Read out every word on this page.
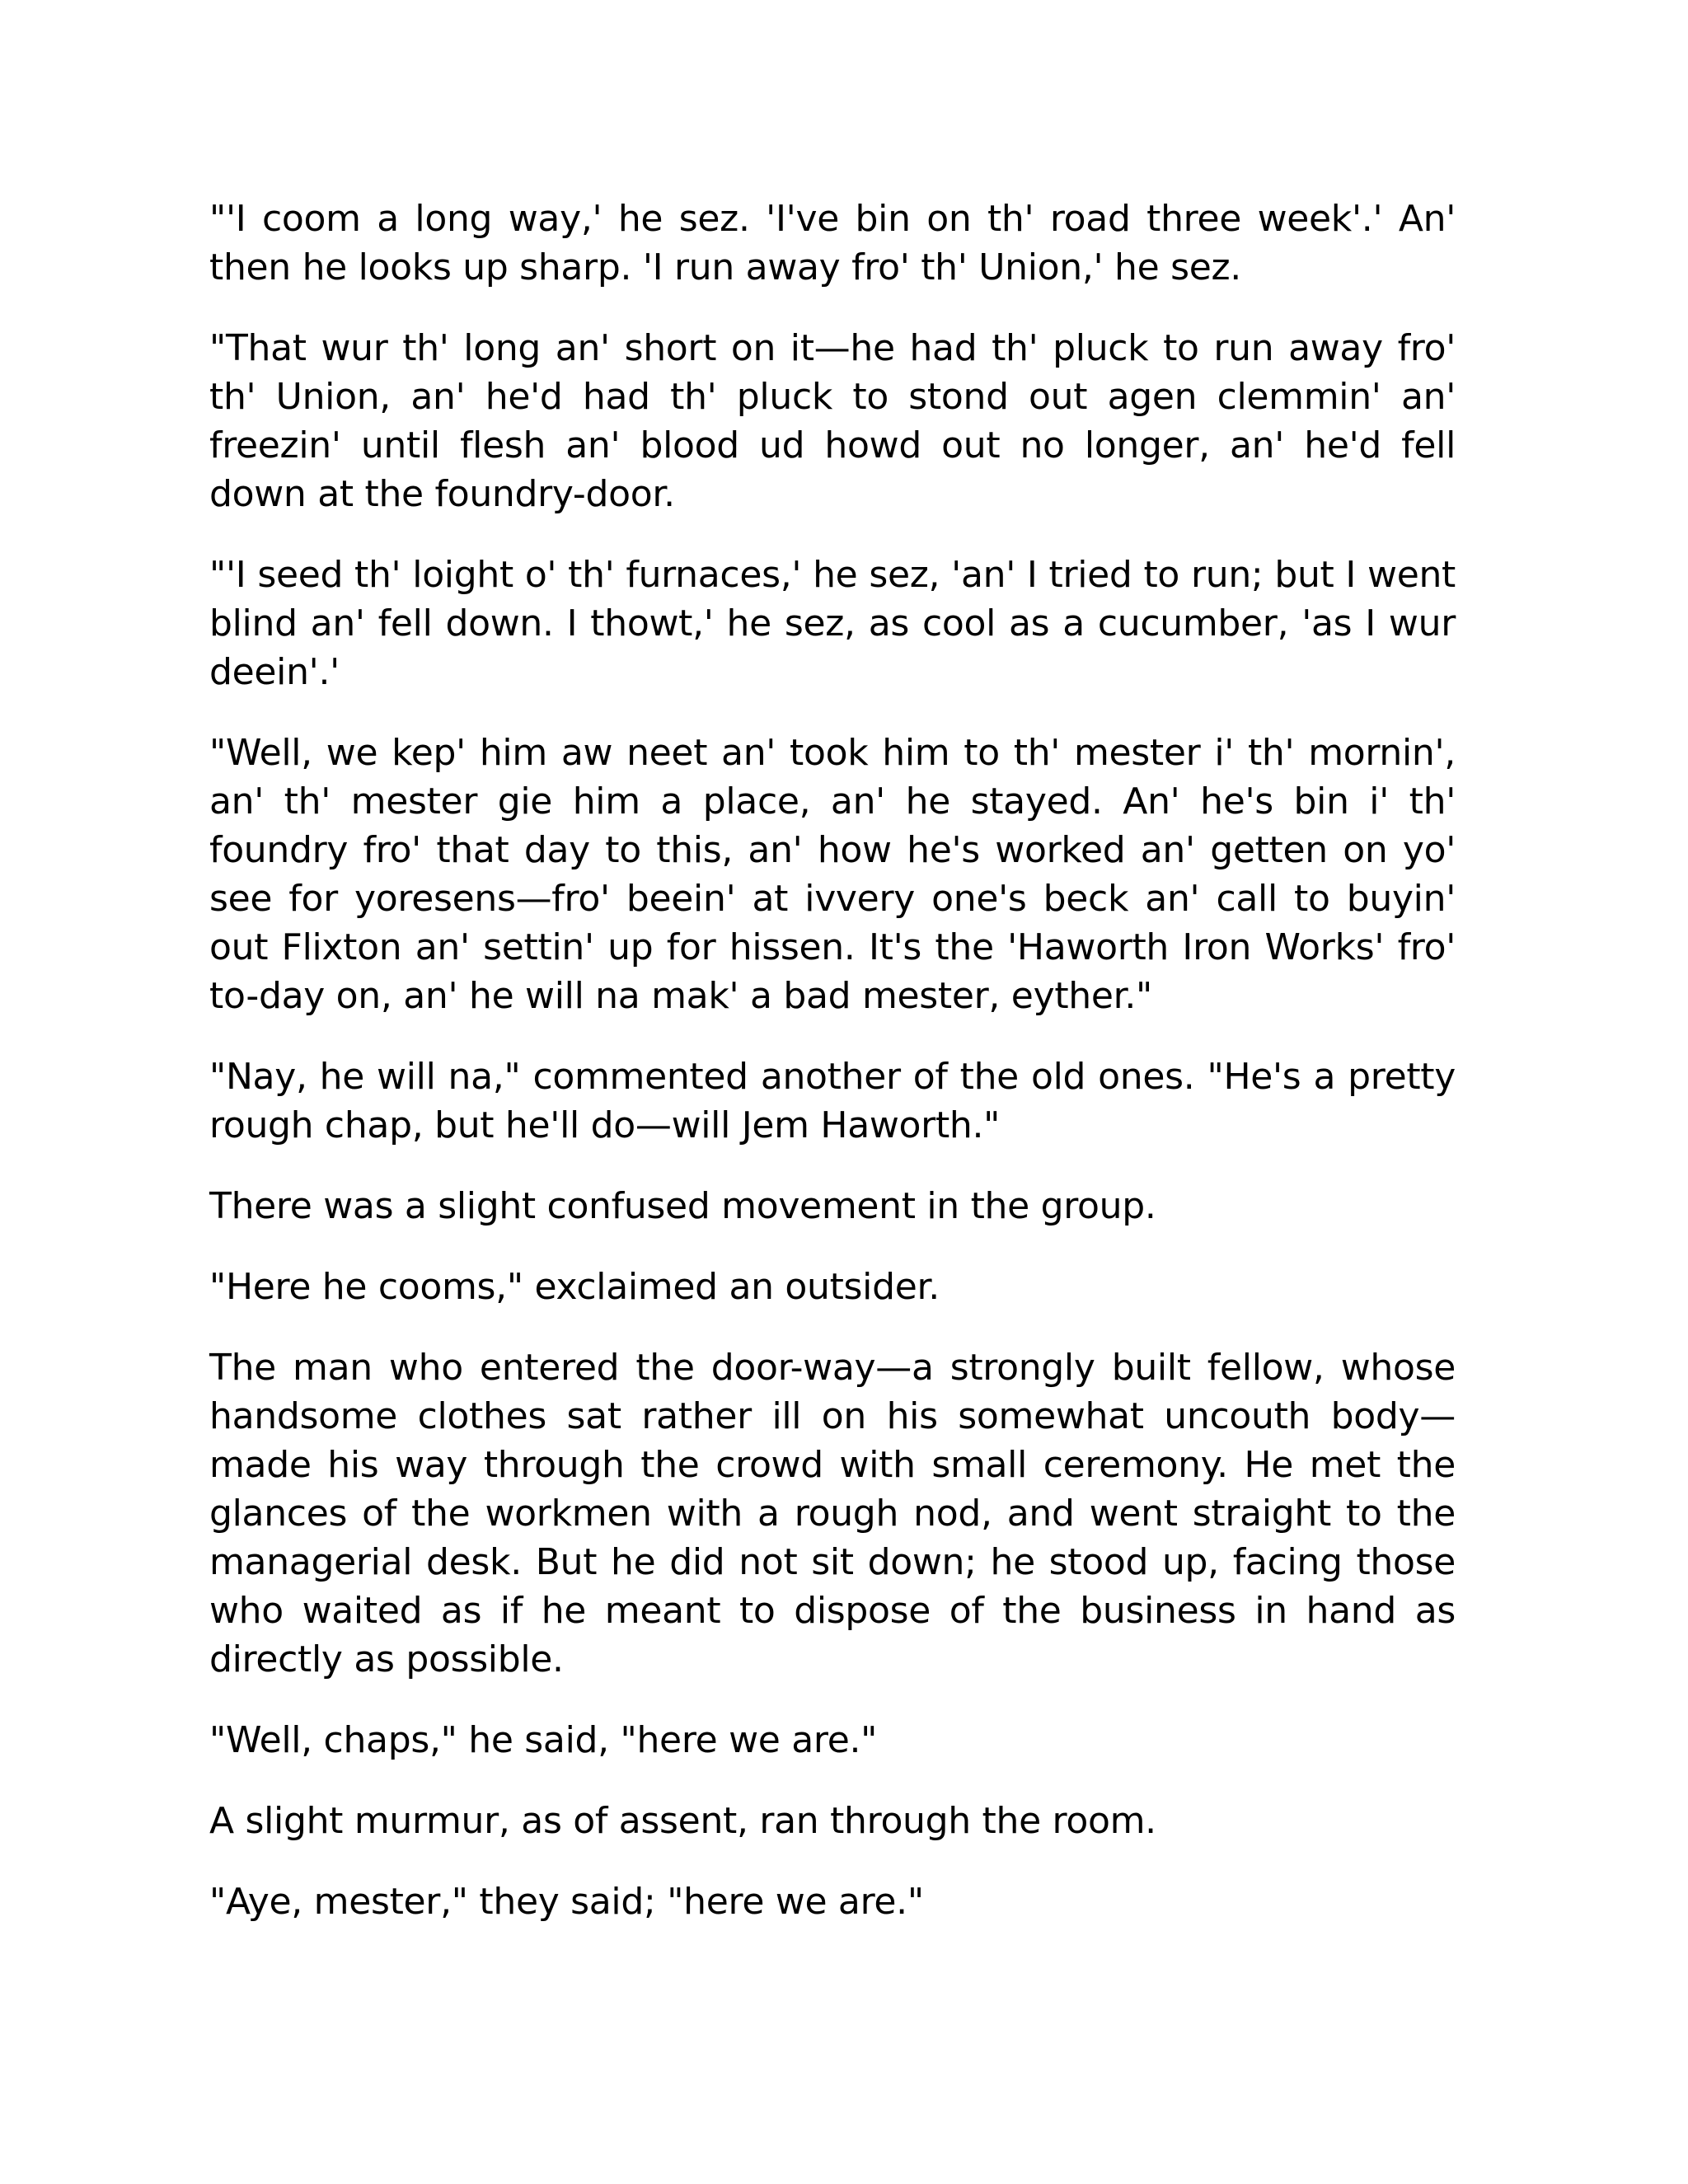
"'I coom a long way,' he sez. 'I've bin on th' road three week'.' An' then he looks up sharp. 'I run away fro' th' Union,' he sez.

"That wur th' long an' short on it—he had th' pluck to run away fro' th' Union, an' he'd had th' pluck to stond out agen clemmin' an' freezin' until flesh an' blood ud howd out no longer, an' he'd fell down at the foundry-door.

"'I seed th' loight o' th' furnaces,' he sez, 'an' I tried to run; but I went blind an' fell down. I thowt,' he sez, as cool as a cucumber, 'as I wur deein'.'

"Well, we kep' him aw neet an' took him to th' mester i' th' mornin', an' th' mester gie him a place, an' he stayed. An' he's bin i' th' foundry fro' that day to this, an' how he's worked an' getten on yo' see for yoresens—fro' beein' at ivvery one's beck an' call to buyin' out Flixton an' settin' up for hissen. It's the 'Haworth Iron Works' fro' to-day on, an' he will na mak' a bad mester, eyther."

"Nay, he will na," commented another of the old ones. "He's a pretty rough chap, but he'll do—will Jem Haworth."

There was a slight confused movement in the group.

"Here he cooms," exclaimed an outsider.

The man who entered the door-way—a strongly built fellow, whose handsome clothes sat rather ill on his somewhat uncouth body—made his way through the crowd with small ceremony. He met the glances of the workmen with a rough nod, and went straight to the managerial desk. But he did not sit down; he stood up, facing those who waited as if he meant to dispose of the business in hand as directly as possible.

"Well, chaps," he said, "here we are."

A slight murmur, as of assent, ran through the room.

"Aye, mester," they said; "here we are."
